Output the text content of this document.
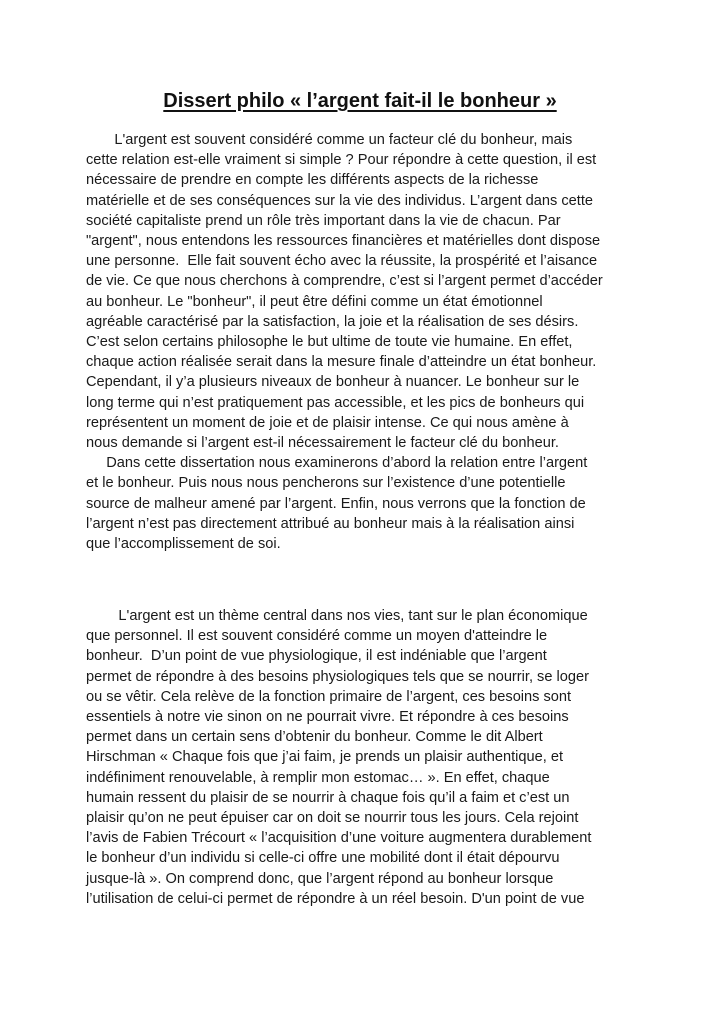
Dissert philo « l’argent fait-il le bonheur »

L'argent est souvent considéré comme un facteur clé du bonheur, mais
cette relation est-elle vraiment si simple ? Pour répondre à cette question, il est
nécessaire de prendre en compte les différents aspects de la richesse
matérielle et de ses conséquences sur la vie des individus. L’argent dans cette
société capitaliste prend un rôle très important dans la vie de chacun. Par
"argent", nous entendons les ressources financières et matérielles dont dispose
une personne.  Elle fait souvent écho avec la réussite, la prospérité et l’aisance
de vie. Ce que nous cherchons à comprendre, c’est si l’argent permet d’accéder
au bonheur. Le "bonheur", il peut être défini comme un état émotionnel
agréable caractérisé par la satisfaction, la joie et la réalisation de ses désirs.
C’est selon certains philosophe le but ultime de toute vie humaine. En effet,
chaque action réalisée serait dans la mesure finale d’atteindre un état bonheur.
Cependant, il y’a plusieurs niveaux de bonheur à nuancer. Le bonheur sur le
long terme qui n’est pratiquement pas accessible, et les pics de bonheurs qui
représentent un moment de joie et de plaisir intense. Ce qui nous amène à
nous demande si l’argent est-il nécessairement le facteur clé du bonheur.

Dans cette dissertation nous examinerons d’abord la relation entre l’argent
et le bonheur. Puis nous nous pencherons sur l’existence d’une potentielle
source de malheur amené par l’argent. Enfin, nous verrons que la fonction de
l’argent n’est pas directement attribué au bonheur mais à la réalisation ainsi
que l’accomplissement de soi.

L'argent est un thème central dans nos vies, tant sur le plan économique
que personnel. Il est souvent considéré comme un moyen d'atteindre le
bonheur.  D’un point de vue physiologique, il est indéniable que l’argent
permet de répondre à des besoins physiologiques tels que se nourrir, se loger
ou se vêtir. Cela relève de la fonction primaire de l’argent, ces besoins sont
essentiels à notre vie sinon on ne pourrait vivre. Et répondre à ces besoins
permet dans un certain sens d’obtenir du bonheur. Comme le dit Albert
Hirschman « Chaque fois que j’ai faim, je prends un plaisir authentique, et
indéfiniment renouvelable, à remplir mon estomac… ». En effet, chaque
humain ressent du plaisir de se nourrir à chaque fois qu’il a faim et c’est un
plaisir qu’on ne peut épuiser car on doit se nourrir tous les jours. Cela rejoint
l’avis de Fabien Trécourt « l’acquisition d’une voiture augmentera durablement
le bonheur d’un individu si celle-ci offre une mobilité dont il était dépourvu
jusque-là ». On comprend donc, que l’argent répond au bonheur lorsque
l’utilisation de celui-ci permet de répondre à un réel besoin. D'un point de vue
